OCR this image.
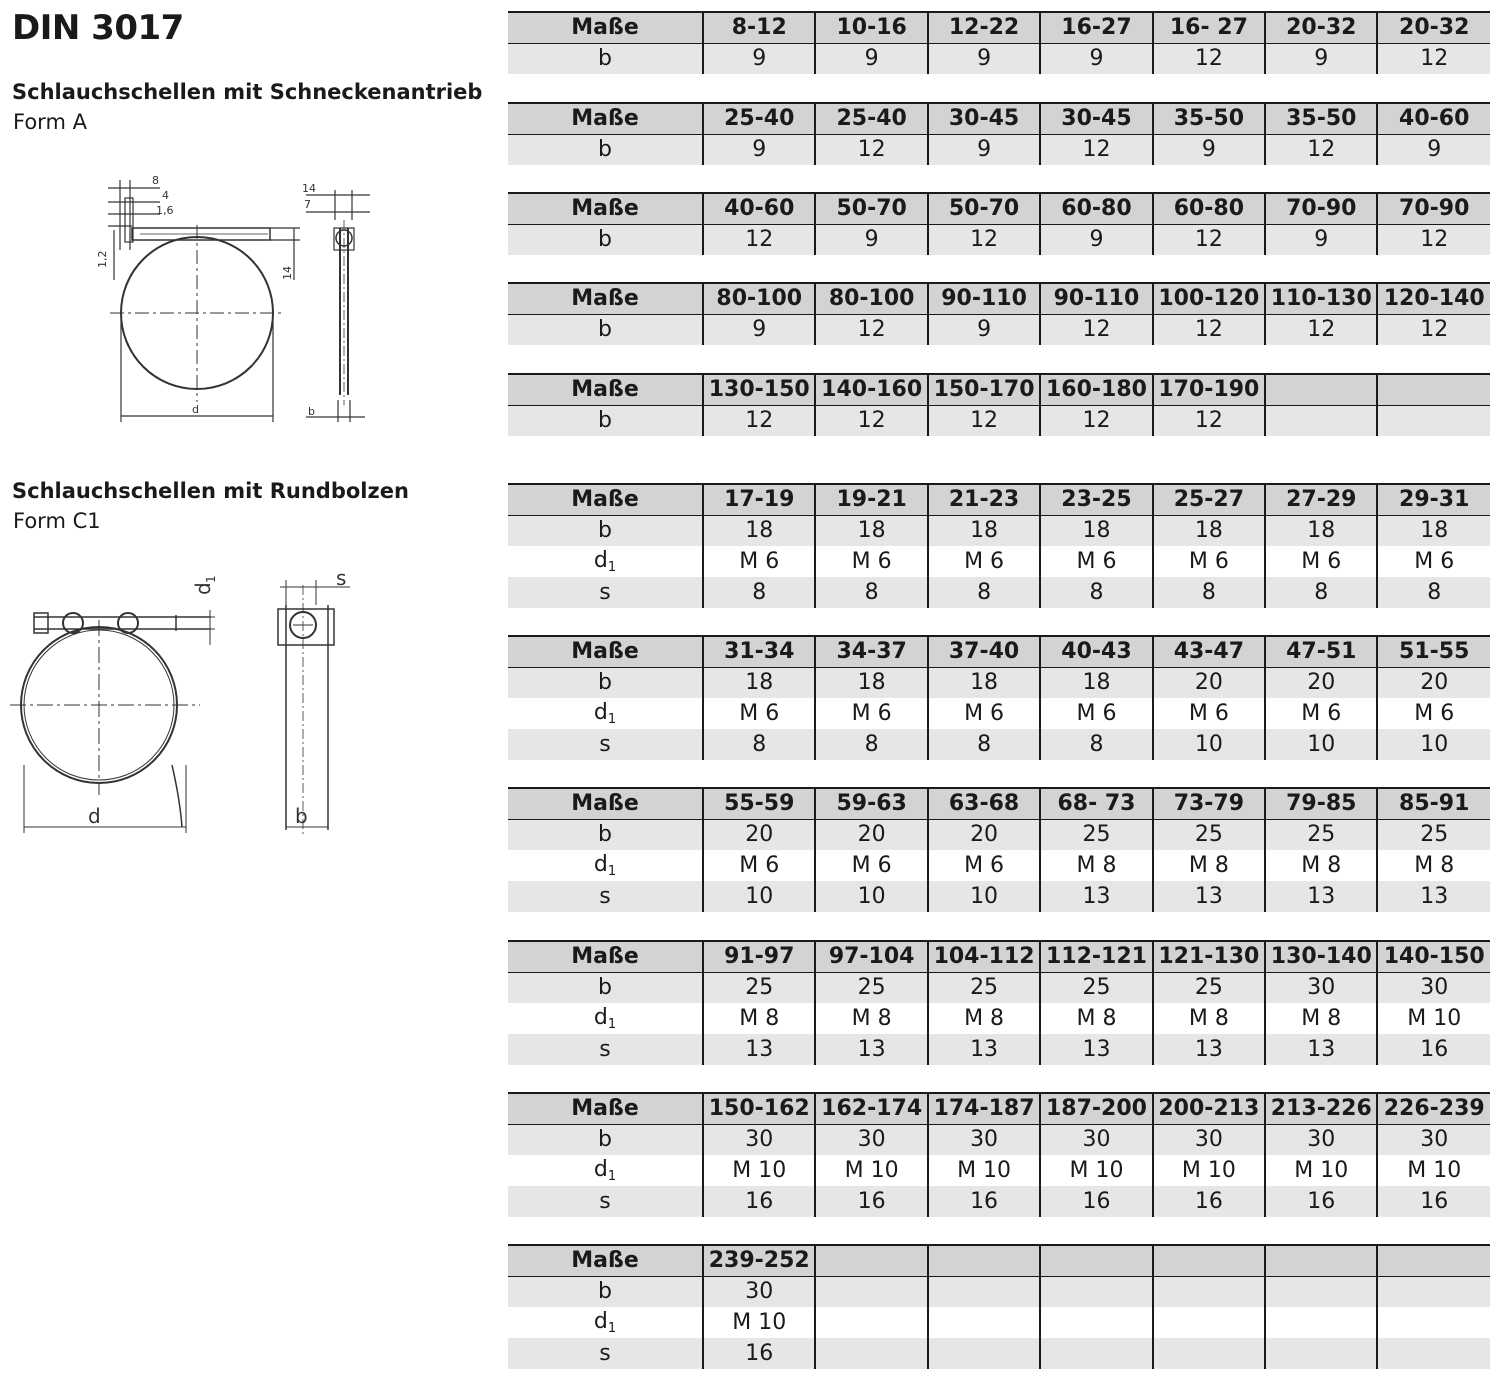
DIN 3017
Schlauchschellen mit Schneckenantrieb
Form A
Schlauchschellen mit Rundbolzen
Form C1
8
4
1,6
14
7
d	b
1,2
14
d	b
s
d
1
Maße	8-12	10-16	12-22	16-27	16- 27	20-32	20-32
b	9	9	9	9	12	9	12
Maße	25-40	25-40	30-45	30-45	35-50	35-50	40-60
b	9	12	9	12	9	12	9
Maße	40-60	50-70	50-70	60-80	60-80	70-90	70-90
b	12	9	12	9	12	9	12
Maße	80-100	80-100	90-110	90-110	100-120	110-130	120-140
b	9	12	9	12	12	12	12
Maße	130-150	140-160	150-170	160-180	170-190		
b	12	12	12	12	12		
Maße	17-19	19-21	21-23	23-25	25-27	27-29	29-31
b	18	18	18	18	18	18	18
$d_1$	M 6	M 6	M 6	M 6	M 6	M 6	M 6
s	8	8	8	8	8	8	8
Maße	31-34	34-37	37-40	40-43	43-47	47-51	51-55
b	18	18	18	18	20	20	20
$d_1$	M 6	M 6	M 6	M 6	M 6	M 6	M 6
s	8	8	8	8	10	10	10
Maße	55-59	59-63	63-68	68- 73	73-79	79-85	85-91
b	20	20	20	25	25	25	25
$d_1$	M 6	M 6	M 6	M 8	M 8	M 8	M 8
s	10	10	10	13	13	13	13
Maße	91-97	97-104	104-112	112-121	121-130	130-140	140-150
b	25	25	25	25	25	30	30
$d_1$	M 8	M 8	M 8	M 8	M 8	M 8	M 10
s	13	13	13	13	13	13	16
Maße	150-162	162-174	174-187	187-200	200-213	213-226	226-239
b	30	30	30	30	30	30	30
$d_1$	M 10	M 10	M 10	M 10	M 10	M 10	M 10
s	16	16	16	16	16	16	16
Maße	239-252						
b	30						
$d_1$	M 10						
s	16						
